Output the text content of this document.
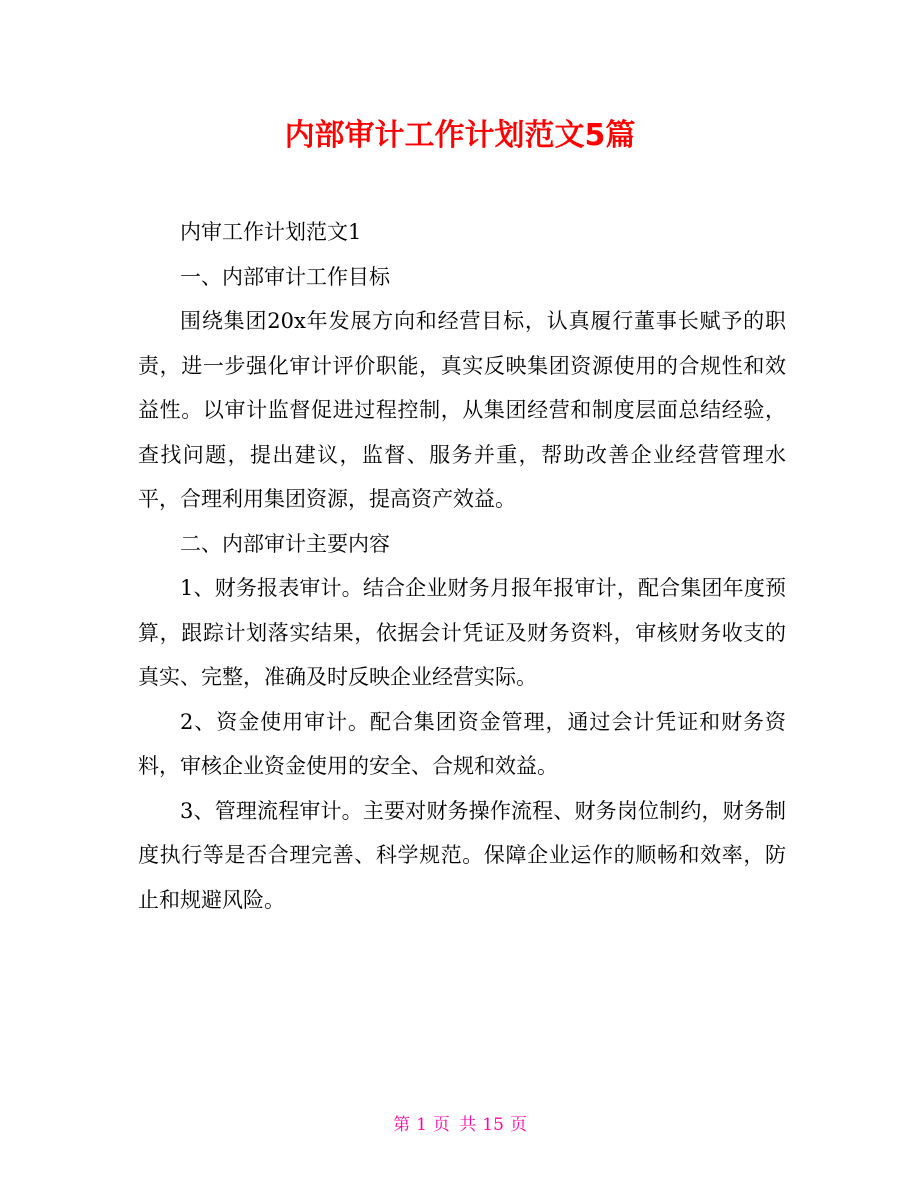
内部审计工作计划范文5篇

内审工作计划范文1

一、内部审计工作目标

围绕集团20x年发展方向和经营目标，认真履行董事长赋予的职责，进一步强化审计评价职能，真实反映集团资源使用的合规性和效益性。以审计监督促进过程控制，从集团经营和制度层面总结经验，查找问题，提出建议，监督、服务并重，帮助改善企业经营管理水平，合理利用集团资源，提高资产效益。

二、内部审计主要内容

1、财务报表审计。结合企业财务月报年报审计，配合集团年度预算，跟踪计划落实结果，依据会计凭证及财务资料，审核财务收支的真实、完整，准确及时反映企业经营实际。

2、资金使用审计。配合集团资金管理，通过会计凭证和财务资料，审核企业资金使用的安全、合规和效益。

3、管理流程审计。主要对财务操作流程、财务岗位制约，财务制度执行等是否合理完善、科学规范。保障企业运作的顺畅和效率，防止和规避风险。

第 1 页 共 15 页
